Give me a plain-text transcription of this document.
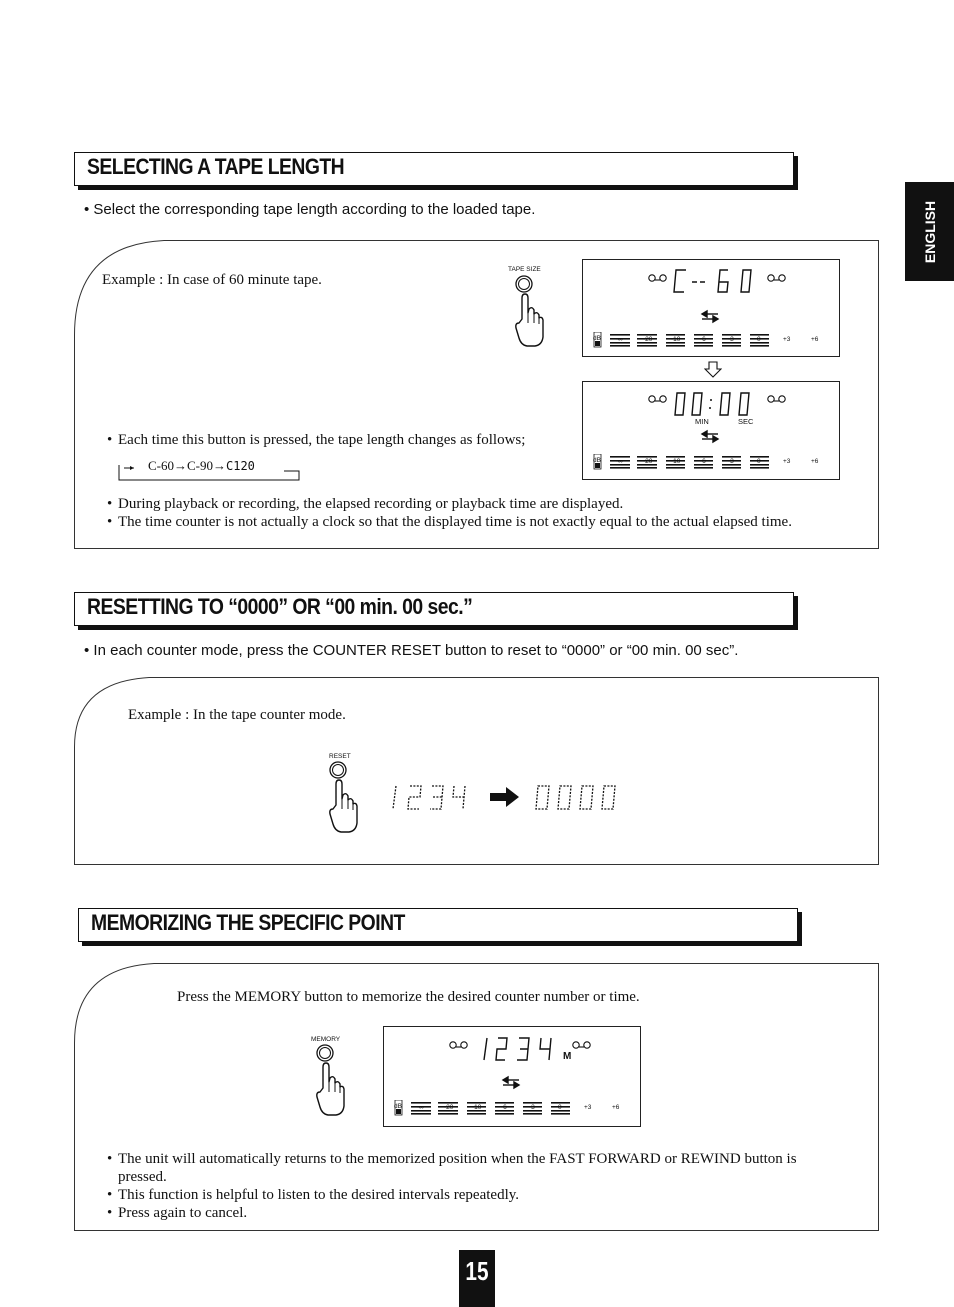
ENGLISH
SELECTING A TAPE LENGTH
• Select the corresponding tape length according to the loaded tape.
Example : In case of 60 minute tape.
TAPE SIZE
dB -∞	-20	-10	-6	-3	0	+3	+6
MIN	SEC
dB -∞	-20	-10	-6	-3	0	+3	+6
• Each time this button is pressed, the tape length changes as follows;
C-60→C-90→C120
• During playback or recording, the elapsed recording or playback time are displayed.
• The time counter is not actually a clock so that the displayed time is not exactly equal to the actual elapsed time.
RESETTING TO “0000” OR “00 min. 00 sec.”
• In each counter mode, press the COUNTER RESET button to reset to “0000” or “00 min. 00 sec”.
Example : In the tape counter mode.
RESET
MEMORIZING THE SPECIFIC POINT
Press the MEMORY button to memorize the desired counter number or time.
MEMORY
M
dB -∞	-20	-10	-6	-3	0	+3	+6
• The unit will automatically returns to the memorized position when the FAST FORWARD or REWIND button is pressed.
• This function is helpful to listen to the desired intervals repeatedly.
• Press again to cancel.
15
